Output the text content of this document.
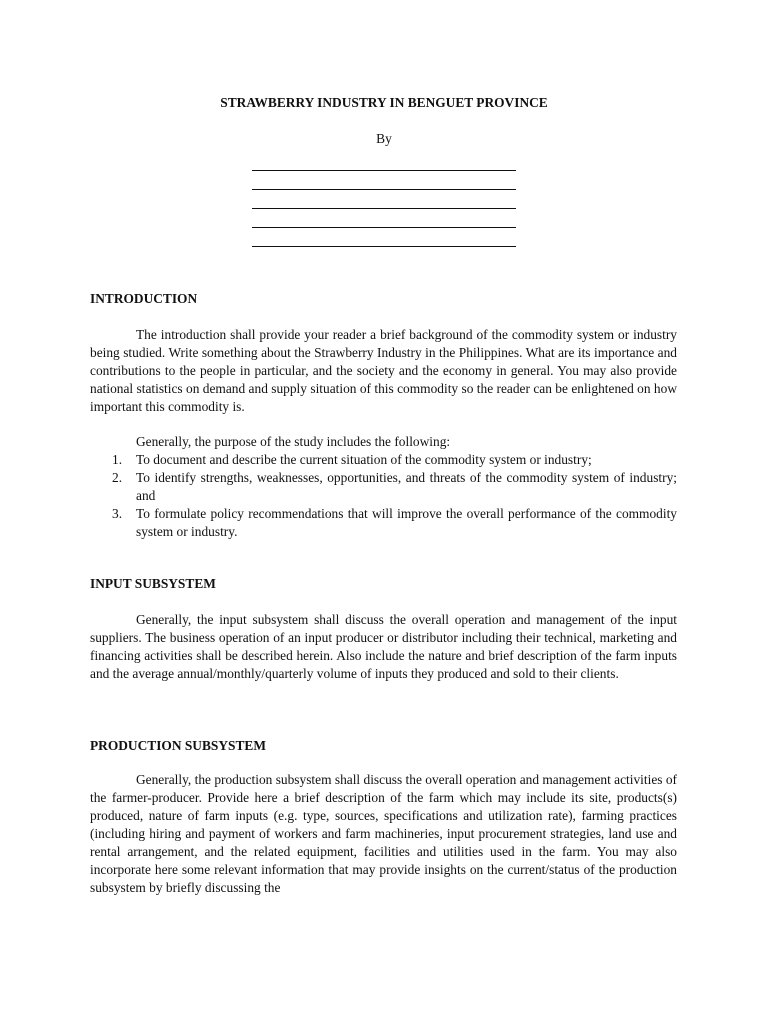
STRAWBERRY INDUSTRY IN BENGUET PROVINCE
By
INTRODUCTION

The introduction shall provide your reader a brief background of the commodity system or industry being studied. Write something about the Strawberry Industry in the Philippines. What are its importance and contributions to the people in particular, and the society and the economy in general. You may also provide national statistics on demand and supply situation of this commodity so the reader can be enlightened on how important this commodity is.

Generally, the purpose of the study includes the following:

1. To document and describe the current situation of the commodity system or industry;
2. To identify strengths, weaknesses, opportunities, and threats of the commodity system of industry; and
3. To formulate policy recommendations that will improve the overall performance of the commodity system or industry.
INPUT SUBSYSTEM

Generally, the input subsystem shall discuss the overall operation and management of the input suppliers. The business operation of an input producer or distributor including their technical, marketing and financing activities shall be described herein. Also include the nature and brief description of the farm inputs and the average annual/monthly/quarterly volume of inputs they produced and sold to their clients.

PRODUCTION SUBSYSTEM

Generally, the production subsystem shall discuss the overall operation and management activities of the farmer-producer. Provide here a brief description of the farm which may include its site, products(s) produced, nature of farm inputs (e.g. type, sources, specifications and utilization rate), farming practices (including hiring and payment of workers and farm machineries, input procurement strategies, land use and rental arrangement, and the related equipment, facilities and utilities used in the farm. You may also incorporate here some relevant information that may provide insights on the current/status of the production subsystem by briefly discussing the
